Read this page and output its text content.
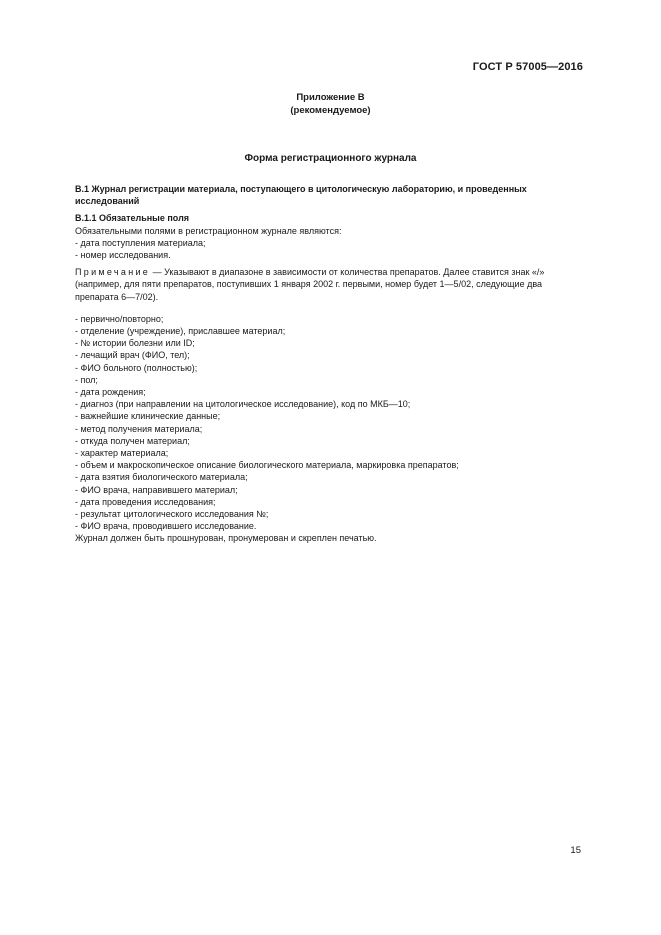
ГОСТ Р 57005—2016
Приложение В
(рекомендуемое)
Форма регистрационного журнала

В.1 Журнал регистрации материала, поступающего в цитологическую лабораторию, и проведенных исследований

В.1.1 Обязательные поля

Обязательными полями в регистрационном журнале являются:

- дата поступления материала;
- номер исследования.

Примечание — Указывают в диапазоне в зависимости от количества препаратов. Далее ставится знак «/» (например, для пяти препаратов, поступивших 1 января 2002 г. первыми, номер будет 1—5/02, следующие два препарата 6—7/02).

- первично/повторно;
- отделение (учреждение), приславшее материал;
- № истории болезни или ID;
- лечащий врач (ФИО, тел);
- ФИО больного (полностью);
- пол;
- дата рождения;
- диагноз (при направлении на цитологическое исследование), код по МКБ—10;
- важнейшие клинические данные;
- метод получения материала;
- откуда получен материал;
- характер материала;
- объем и макроскопическое описание биологического материала, маркировка препаратов;
- дата взятия биологического материала;
- ФИО врача, направившего материал;
- дата проведения исследования;
- результат цитологического исследования №;
- ФИО врача, проводившего исследование.

Журнал должен быть прошнурован, пронумерован и скреплен печатью.

15
